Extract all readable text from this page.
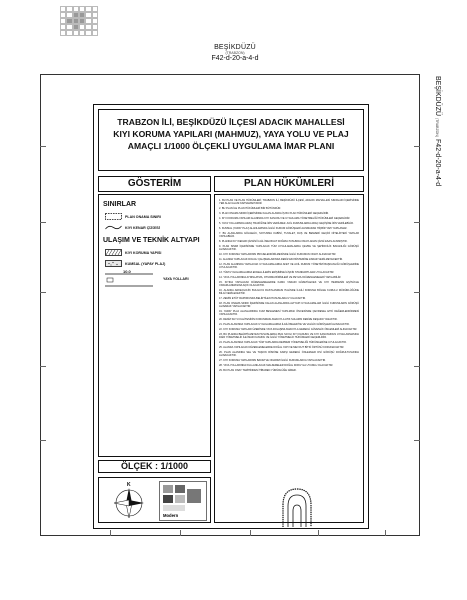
BEŞİKDÜZÜ
(TRABZON)
F42-d-20-a-4-d
BEŞİKDÜZÜ (TRABZON) F42-d-20-a-4-d

TRABZON İLİ, BEŞİKDÜZÜ İLÇESİ ADACIK MAHALLESİ

KIYI KORUMA YAPILARI (MAHMUZ), YAYA YOLU VE PLAJ

AMAÇLI 1/1000 ÖLÇEKLİ UYGULAMA İMAR PLANI

GÖSTERİM	PLAN HÜKÜMLERİ
SINIRLAR
PLAN ONAMA SINIRI
KIYI KENAR ÇİZGİSİ
ULAŞIM VE TEKNİK ALTYAPI
KIYI KORUMA YAPISI
KUMSAL (YAPAY PLAJ)
10.0
YAYA YOLLARI

1. BU PLAN VE PLAN HÜKÜMLERİ; TRABZON İLİ, BEŞİKDÜZÜ İLÇESİ, ADACIK MAHALLESİ SINIRLARI İÇERİSİNDE YER ALAN ALANI KAPSAMAKTADIR.

2. BU PLAN İLE PLAN HÜKÜMLERİ BİR BÜTÜNDÜR.

3. PLAN ONAMA SINIRI İÇERİSİNDE KALAN ALANDA İŞ BU PLAN HÜKÜMLERİ GEÇERLİDİR.

4. KIYI KORUMA YAPILARI ALANINDA KIYI KANUNU VE UYGULAMA YÖNETMELİĞİ HÜKÜMLERİ GEÇERLİDİR.

5. YAYA YOLLARINDA ARAÇ TRAFİĞİNE İZİN VERİLMEZ. ACİL DURUMLARDA ARAÇ GEÇİŞİNE İZİN VERİLEBİLİR.

6. KUMSAL (YAPAY PLAJ) ALANLARINDA İLGİLİ KURUM GÖRÜŞLERİ ALINMADAN HİÇBİR YAPI YAPILAMAZ.

7. BU ALANLARDA GÖLGELİK, SOYUNMA KABİNİ, TUVALET, DUŞ VE BENZERİ GEÇİCİ NİTELİKTEKİ YAPILAR YAPILABİLİR.

8. PLANDA KIYI KENAR ÇİZGİSİ İLGİLİ MEVZUAT DOĞRULTUSUNDA ONAYLANAN ÇİZGİ ESAS ALINMIŞTIR.

9. PLAN SINIRI İÇERİSİNDE YAPILACAK TÜM UYGULAMALARDA ÇEVRE VE ŞEHİRCİLİK BAKANLIĞI GÖRÜŞÜ ALINACAKTIR.

10. KIYI KORUMA YAPILARININ PROJELENDİRİLMESİNDE İLGİLİ KURUMUN ONAYI ALINACAKTIR.

11. ALANDA YAPILACAK DOLGU ÇALIŞMALARINDA DENİZ EKOSİSTEMİNE ZARAR VERİLMEYECEKTİR.

12. PLAN ALANINDA YAPILACAK UYGULAMALARDA AFET VE ACİL DURUM YÖNETİMİ BAŞKANLIĞI GÖRÜŞLERİNE UYULACAKTIR.

13. TÜM UYGULAMALARDA ENGELLİLERİN ERİŞİMİNE İLİŞKİN STANDARTLARA UYULACAKTIR.

14. YAYA YOLLARINDA AYDINLATMA, OTURMA BİRİMLERİ VE PEYZAJ DÜZENLEMELERİ YAPILABİLİR.

15. KIYIDA YAPILACAK DÜZENLEMELERDE KAMU YARARI GÖZETİLECEK VE KIYI HERKESİN EŞİTLİKLE YARARLANMASINA AÇIK OLACAKTIR.

16. ALANDA ARKEOLOJİK BULGUYA RASTLANMASI HALİNDE İLGİLİ KORUMA BÖLGE KURULU MÜDÜRLÜĞÜNE BİLGİ VERİLECEKTİR.

17. ZEMİN ETÜT RAPORUNDA BELİRTİLEN HUSUSLARA UYULACAKTIR.

18. PLAN ONAMA SINIRI İÇERİSİNDE KALAN ALANLARDA ALTYAPI UYGULAMALARI İLGİLİ KURUMLARIN GÖRÜŞÜ ALINARAK YAPILACAKTIR.

19. YAPAY PLAJ ALANLARINDA KUM BESLEMESİ YAPILMASI ÖNCESİNDE ÇEVRESEL ETKİ DEĞERLENDİRMESİ YAPILACAKTIR.

20. DENİZ SUYU KALİTESİNİN KORUNMASI AMACIYLA ATIK SULARIN DENİZE DEŞARJI YASAKTIR.

21. PLAN ALANINDA YAPILACAK UYGULAMALARDA İLGİLİ BELEDİYE VE VALİLİK GÖRÜŞLERİ ALINACAKTIR.

22. KIYI KORUMA YAPILARI ÜZERİNDE YAYA DOLAŞIMI AMACIYLA GEREKLİ GÜVENLİK ÖNLEMLERİ ALINACAKTIR.

23. BU PLANDA BELİRTİLMEYEN HUSUSLARDA 3621 SAYILI KIYI KANUNU VE KIYI KANUNUNUN UYGULANMASINA DAİR YÖNETMELİK İLE İMAR KANUNU VE İLGİLİ YÖNETMELİK HÜKÜMLERİ GEÇERLİDİR.

24. PLAN ALANINDA YAPILACAK TÜM YAPILARDA DEPREM YÖNETMELİĞİ HÜKÜMLERİNE UYULACAKTIR.

25. ALANDA YAPILACAK DÜZENLEMELERDE DOĞAL YAPI VE MEVCUT BİTKİ ÖRTÜSÜ KORUNACAKTIR.

26. PLAN ALANINDA SEL VE TAŞKIN RİSKİNE KARŞI GEREKLİ ÖNLEMLER DSİ GÖRÜŞÜ DOĞRULTUSUNDA ALINACAKTIR.

27. KIYI KORUMA YAPILARININ BAKIM VE ONARIMI İLGİLİ KURUMLARCA YAPILACAKTIR.

28. YAYA YOLLARINDA KULLANILACAK MALZEMELER DOĞAL DOKUYLA UYUMLU OLACAKTIR.

29. BU PLAN ONAY TARİHİNDEN İTİBAREN YÜRÜRLÜĞE GİRER.

ÖLÇEK : 1/1000
K
Modern
